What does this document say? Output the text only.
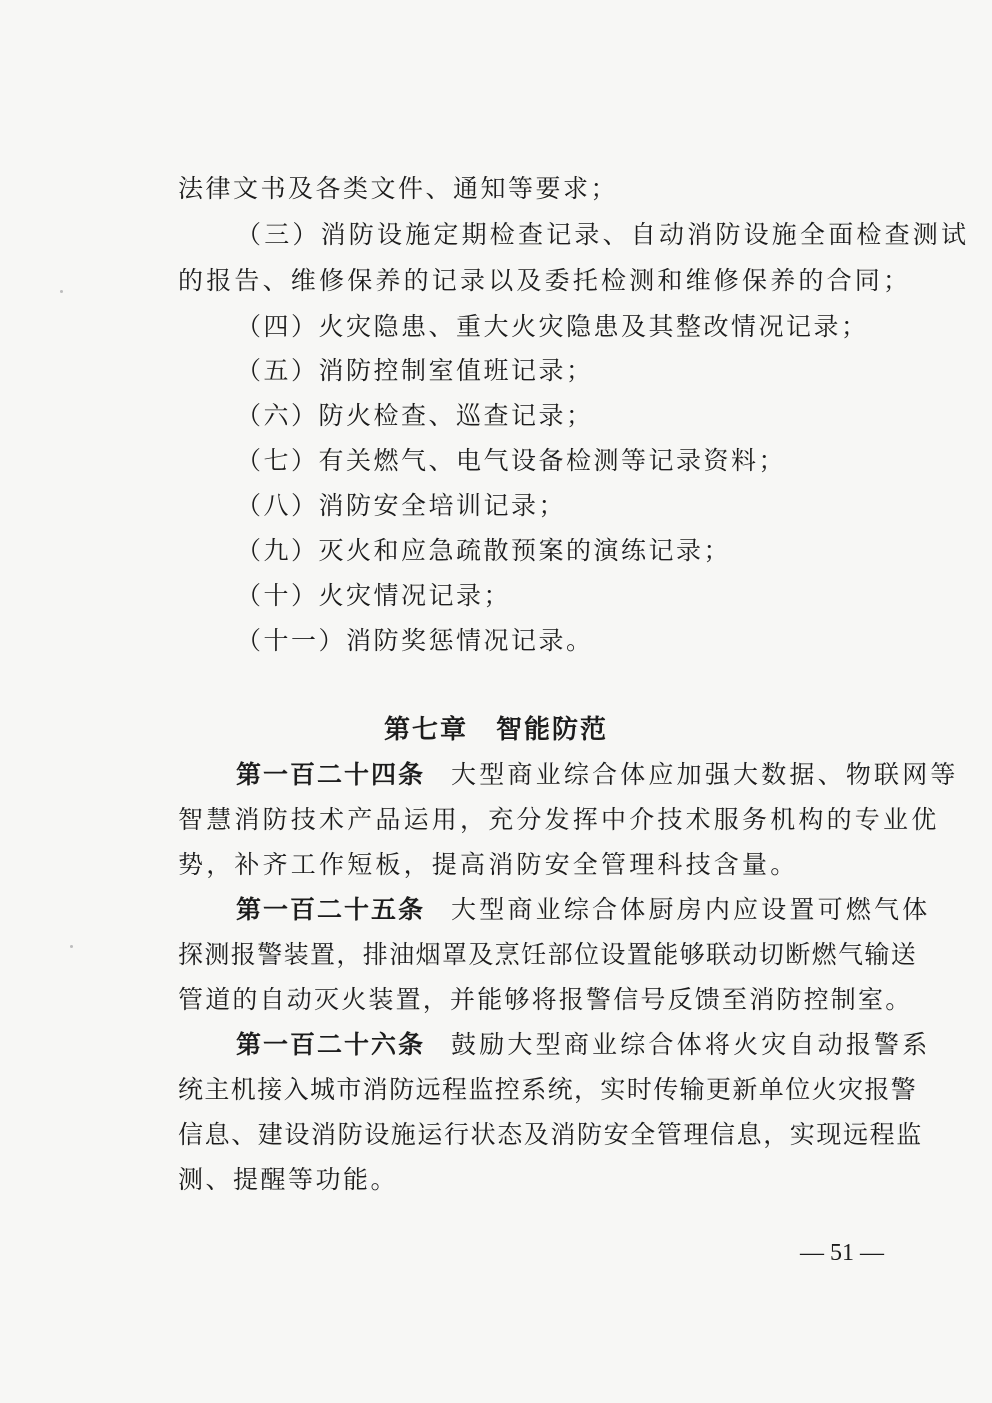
法律文书及各类文件、通知等要求；
（三）消防设施定期检查记录、自动消防设施全面检查测试
的报告、维修保养的记录以及委托检测和维修保养的合同；
（四）火灾隐患、重大火灾隐患及其整改情况记录；
（五）消防控制室值班记录；
（六）防火检查、巡查记录；
（七）有关燃气、电气设备检测等记录资料；
（八）消防安全培训记录；
（九）灭火和应急疏散预案的演练记录；
（十）火灾情况记录；
（十一）消防奖惩情况记录。
第七章　智能防范
第一百二十四条 大型商业综合体应加强大数据、物联网等
智慧消防技术产品运用，充分发挥中介技术服务机构的专业优
势，补齐工作短板，提高消防安全管理科技含量。
第一百二十五条 大型商业综合体厨房内应设置可燃气体
探测报警装置，排油烟罩及烹饪部位设置能够联动切断燃气输送
管道的自动灭火装置，并能够将报警信号反馈至消防控制室。
第一百二十六条 鼓励大型商业综合体将火灾自动报警系
统主机接入城市消防远程监控系统，实时传输更新单位火灾报警
信息、建设消防设施运行状态及消防安全管理信息，实现远程监
测、提醒等功能。
— 51 —
